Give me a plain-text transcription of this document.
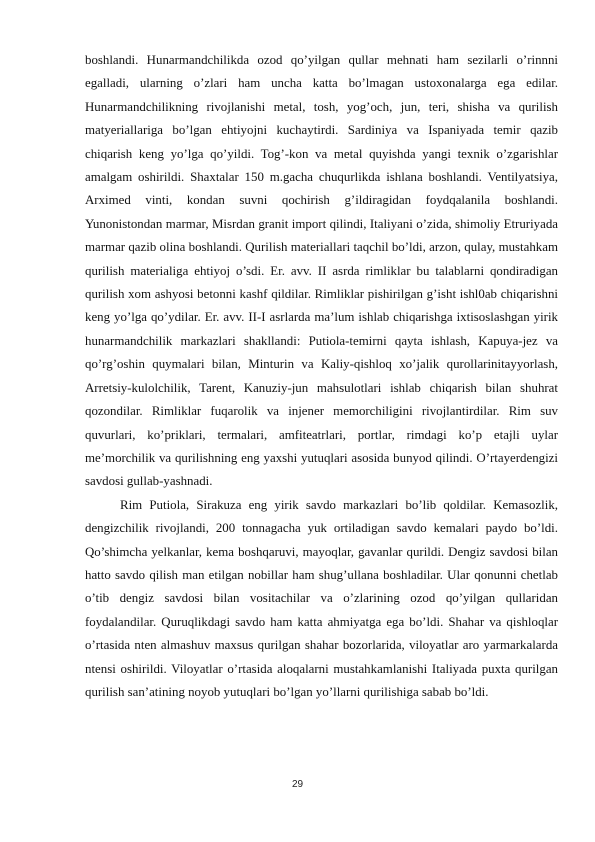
boshlandi. Hunarmandchilikda ozod qo’yilgan qullar mehnati ham sezilarli o’rinnni egalladi, ularning o’zlari ham uncha katta bo’lmagan ustoxonalarga ega edilar. Hunarmandchilikning rivojlanishi metal, tosh, yog’och, jun, teri, shisha va qurilish matyeriallariga bo’lgan ehtiyojni kuchaytirdi. Sardiniya va Ispaniyada temir qazib chiqarish keng yo’lga qo’yildi. Tog’-kon va metal quyishda yangi texnik o’zgarishlar amalgam oshirildi. Shaxtalar 150 m.gacha chuqurlikda ishlana boshlandi. Ventilyatsiya, Arximed vinti, kondan suvni qochirish g’ildiragidan foydqalanila boshlandi. Yunonistondan marmar, Misrdan granit import qilindi, Italiyani o’zida, shimoliy Etruriyada marmar qazib olina boshlandi. Qurilish materiallari taqchil bo’ldi, arzon, qulay, mustahkam qurilish materialiga ehtiyoj o’sdi. Er. avv. II asrda rimliklar bu talablarni qondiradigan qurilish xom ashyosi betonni kashf qildilar. Rimliklar pishirilgan g’isht ishl0ab chiqarishni keng yo’lga qo’ydilar. Er. avv. II-I asrlarda ma’lum ishlab chiqarishga ixtisoslashgan yirik hunarmandchilik markazlari shakllandi: Putiola-temirni qayta ishlash, Kapuya-jez va qo’rg’oshin quymalari bilan, Minturin va Kaliy-qishloq xo’jalik qurollarinitayyorlash, Arretsiy-kulolchilik, Tarent, Kanuziy-jun mahsulotlari ishlab chiqarish bilan shuhrat qozondilar. Rimliklar fuqarolik va injener memorchiligini rivojlantirdilar. Rim suv quvurlari, ko’priklari, termalari, amfiteatrlari, portlar, rimdagi ko’p etajli uylar me’morchilik va qurilishning eng yaxshi yutuqlari asosida bunyod qilindi. O’rtayerdengizi savdosi gullab-yashnadi.

Rim Putiola, Sirakuza eng yirik savdo markazlari bo’lib qoldilar. Kemasozlik, dengizchilik rivojlandi, 200 tonnagacha yuk ortiladigan savdo kemalari paydo bo’ldi. Qo’shimcha yelkanlar, kema boshqaruvi, mayoqlar, gavanlar qurildi. Dengiz savdosi bilan hatto savdo qilish man etilgan nobillar ham shug’ullana boshladilar. Ular qonunni chetlab o’tib dengiz savdosi bilan vositachilar va o’zlarining ozod qo’yilgan qullaridan foydalandilar. Quruqlikdagi savdo ham katta ahmiyatga ega bo’ldi. Shahar va qishloqlar o’rtasida nten almashuv maxsus qurilgan shahar bozorlarida, viloyatlar aro yarmarkalarda ntensi oshirildi. Viloyatlar o’rtasida aloqalarni mustahkamlanishi Italiyada puxta qurilgan qurilish san’atining noyob yutuqlari bo’lgan yo’llarni qurilishiga sabab bo’ldi.

29
